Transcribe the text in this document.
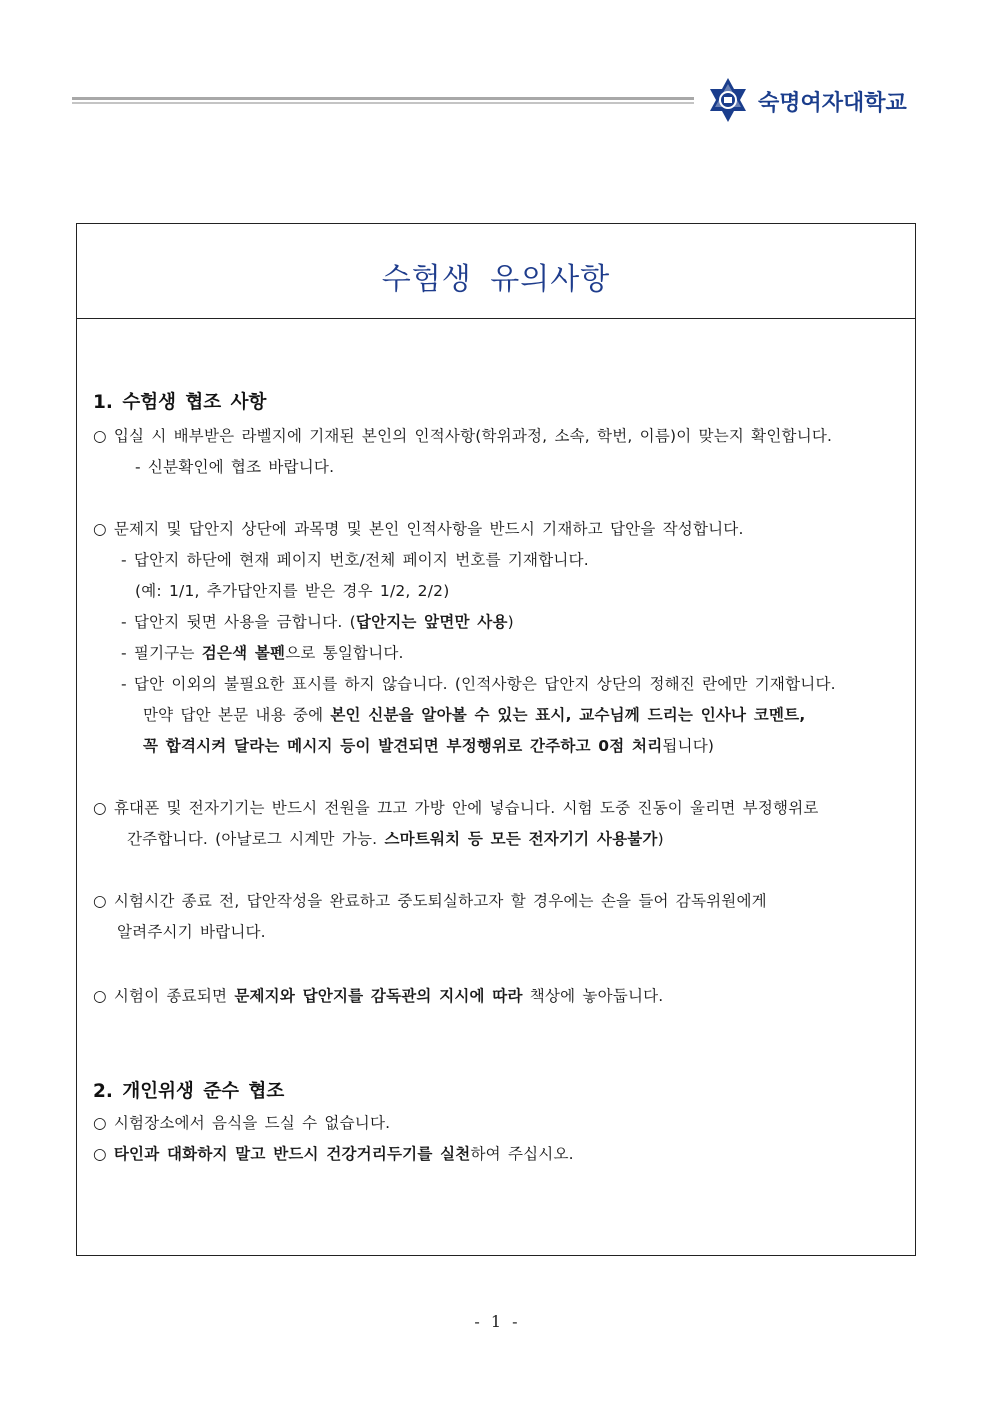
숙명여자대학교
수험생 유의사항
1. 수험생 협조 사항
○ 입실 시 배부받은 라벨지에 기재된 본인의 인적사항(학위과정, 소속, 학번, 이름)이 맞는지 확인합니다.
- 신분확인에 협조 바랍니다.
○ 문제지 및 답안지 상단에 과목명 및 본인 인적사항을 반드시 기재하고 답안을 작성합니다.
- 답안지 하단에 현재 페이지 번호/전체 페이지 번호를 기재합니다.
(예: 1/1, 추가답안지를 받은 경우 1/2, 2/2)
- 답안지 뒷면 사용을 금합니다. (답안지는 앞면만 사용)
- 필기구는 검은색 볼펜으로 통일합니다.
- 답안 이외의 불필요한 표시를 하지 않습니다. (인적사항은 답안지 상단의 정해진 란에만 기재합니다.
만약 답안 본문 내용 중에 본인 신분을 알아볼 수 있는 표시, 교수님께 드리는 인사나 코멘트,
꼭 합격시켜 달라는 메시지 등이 발견되면 부정행위로 간주하고 0점 처리됩니다)
○ 휴대폰 및 전자기기는 반드시 전원을 끄고 가방 안에 넣습니다. 시험 도중 진동이 울리면 부정행위로
간주합니다. (아날로그 시계만 가능. 스마트워치 등 모든 전자기기 사용불가)
○ 시험시간 종료 전, 답안작성을 완료하고 중도퇴실하고자 할 경우에는 손을 들어 감독위원에게
알려주시기 바랍니다.
○ 시험이 종료되면 문제지와 답안지를 감독관의 지시에 따라 책상에 놓아둡니다.
2. 개인위생 준수 협조
○ 시험장소에서 음식을 드실 수 없습니다.
○ 타인과 대화하지 말고 반드시 건강거리두기를 실천하여 주십시오.
- 1 -
